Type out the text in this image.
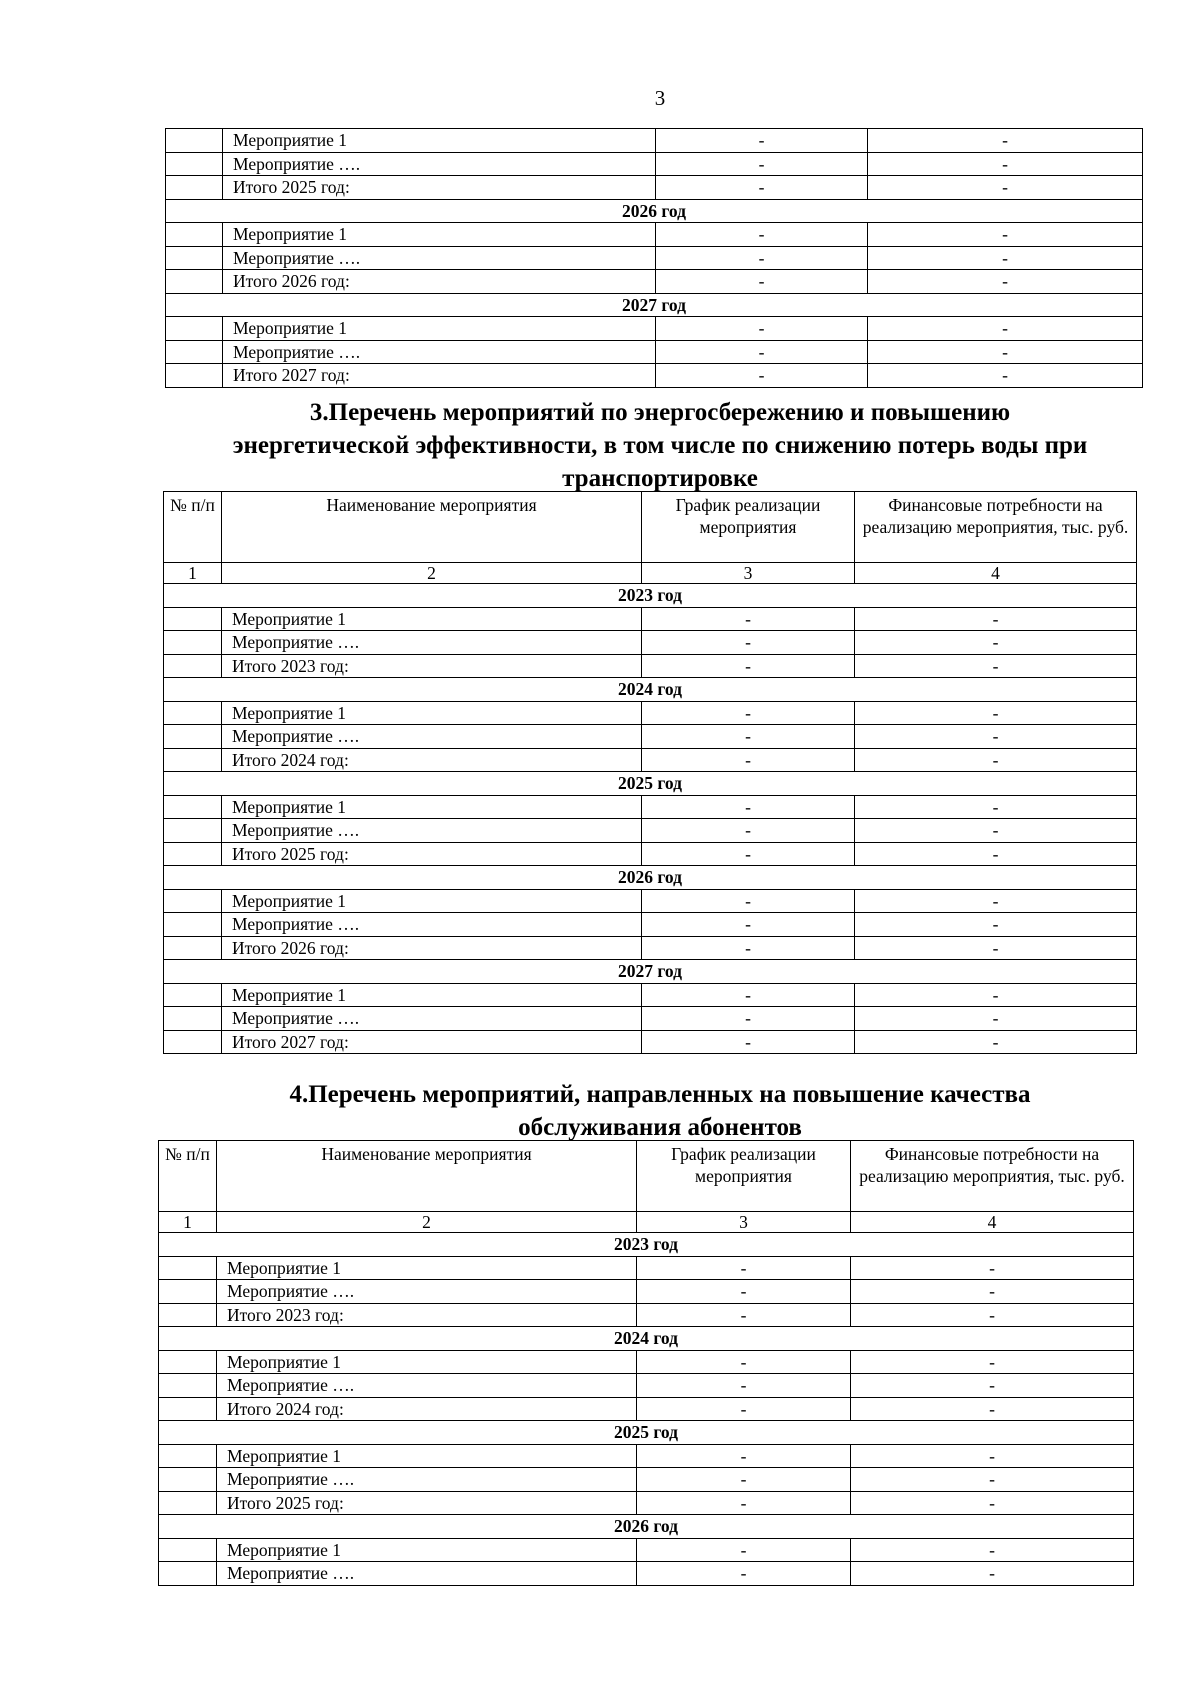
3
	Мероприятие 1	-	-
	Мероприятие ….	-	-
	Итого 2025 год:	-	-
2026 год			
	Мероприятие 1	-	-
	Мероприятие ….	-	-
	Итого 2026 год:	-	-
2027 год			
	Мероприятие 1	-	-
	Мероприятие ….	-	-
	Итого 2027 год:	-	-
3.Перечень мероприятий по энергосбережению и повышению
энергетической эффективности, в том числе по снижению потерь воды при
транспортировке
№ п/п	Наименование мероприятия	График реализации мероприятия	Финансовые потребности на реализацию мероприятия, тыс. руб.
1	2	3	4
2023 год			
	Мероприятие 1	-	-
	Мероприятие ….	-	-
	Итого 2023 год:	-	-
2024 год			
	Мероприятие 1	-	-
	Мероприятие ….	-	-
	Итого 2024 год:	-	-
2025 год			
	Мероприятие 1	-	-
	Мероприятие ….	-	-
	Итого 2025 год:	-	-
2026 год			
	Мероприятие 1	-	-
	Мероприятие ….	-	-
	Итого 2026 год:	-	-
2027 год			
	Мероприятие 1	-	-
	Мероприятие ….	-	-
	Итого 2027 год:	-	-
4.Перечень мероприятий, направленных на повышение качества
обслуживания абонентов
№ п/п	Наименование мероприятия	График реализации мероприятия	Финансовые потребности на реализацию мероприятия, тыс. руб.
1	2	3	4
2023 год			
	Мероприятие 1	-	-
	Мероприятие ….	-	-
	Итого 2023 год:	-	-
2024 год			
	Мероприятие 1	-	-
	Мероприятие ….	-	-
	Итого 2024 год:	-	-
2025 год			
	Мероприятие 1	-	-
	Мероприятие ….	-	-
	Итого 2025 год:	-	-
2026 год			
	Мероприятие 1	-	-
	Мероприятие ….	-	-
